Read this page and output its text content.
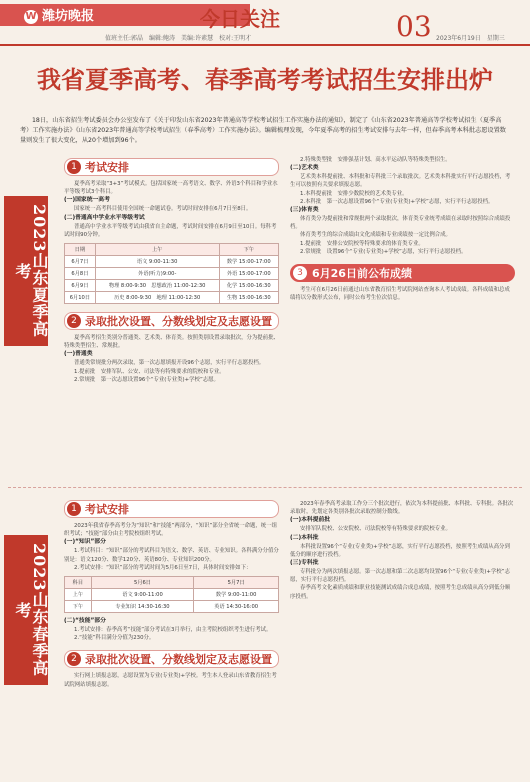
W 潍坊晚报	今日关注	03
值班主任:郭晶　编辑:鲍涛　美编:许素慧　校对:王明才	2023年6月19日　星期三
我省夏季高考、春季高考考试招生安排出炉

18日，山东省招生考试委员会办公室发布了《关于印发山东省2023年普通高等学校考试招生工作实施办法的通知》，制定了《山东省2023年普通高等学校考试招生（夏季高考）工作实施办法》《山东省2023年普通高等学校考试招生（春季高考）工作实施办法》。编辑梳理发现，今年夏季高考的招生考试安排与去年一样，但春季高考本科批志愿设置数量则发生了很大变化，从20个增加到96个。

2023山东夏季高考
2023山东春季高考
1 考试安排

夏季高考采取“3+3”考试模式。包括国家统一高考语文、数学、外语3个科目和学业水平等级考试3个科目。

(一)国家统一高考

国家统一高考科目使用全国统一命题试卷。考试时间安排在6月7日至8日。

(二)普通高中学业水平等级考试

普通高中学业水平等级考试由我省自主命题，考试时间安排在6月9日至10日。每科考试时间90分钟。

日期	上午	下午
6月7日	语文 9:00-11:30	数学 15:00-17:00
6月8日	外语(听力)9:00-	外语 15:00-17:00
6月9日	物理 8:00-9:30　思想政治 11:00-12:30	化学 15:00-16:30
6月10日	历史 8:00-9:30　地理 11:00-12:30	生物 15:00-16:30
2 录取批次设置、分数线划定及志愿设置

夏季高考招生类别分普通类、艺术类、体育类。按照类别设置录取批次，分为提前批、特殊类型招生、常规批。

(一)普通类

普通类常规批分两次录取，第一次志愿填报开设96个志愿，实行平行志愿投档。

1.提前批　安排军队、公安、司法等有特殊要求的院校和专业。

2.常规批　第一次志愿设置96个“专业(专业类)+学校”志愿。

2.特殊类型批　安排强基计划、高水平运动队等特殊类型招生。

(二)艺术类

艺术类本科提前批、本科批和专科批三个录取批次。艺术类本科批实行平行志愿投档，考生可以按照有关要求填报志愿。

1.本科提前批　安排少数院校的艺术类专业。

2.本科批　第一次志愿设置96个“专业(专业类)+学校”志愿，实行平行志愿投档。

(三)体育类

体育类分为提前批和常规批两个录取批次，体育类专业统考成绩在录取时按照综合成绩投档。

体育类考生的综合成绩由文化成绩和专业成绩按一定比例合成。

1.提前批　安排公安院校等特殊要求的体育类专业。

2.常规批　设置96个“专业(专业类)+学校”志愿，实行平行志愿投档。

3 6月26日前公布成绩

考生可在6月26日前通过山东省教育招生考试院网站查询本人考试成绩。各科成绩和总成绩将以分数形式公布，同时公布考生位次信息。

1 考试安排

2023年我省春季高考分为“知识”和“技能”两部分，“知识”部分全省统一命题，统一组织考试；“技能”部分由主考院校组织考试。

(一)“知识”部分

1.考试科目：“知识”部分的考试科目为语文、数学、英语、专业知识。各科满分分值分别是：语文120分、数学120分、英语80分、专业知识200分。

2.考试安排：“知识”部分的考试时间为5月6日至7日，具体时间安排如下：

科目	5月6日	5月7日
上午	语文 9:00-11:00	数学 9:00-11:00
下午	专业知识 14:30-16:30	英语 14:30-16:00

(二)“技能”部分

1.考试安排：春季高考“技能”部分考试在3月举行，由主考院校组织考生进行考试。

2.“技能”科目满分分值为230分。

2 录取批次设置、分数线划定及志愿设置

实行网上填报志愿，志愿设置为专业(专业类)+学校。考生本人登录山东省教育招生考试院网站填报志愿。

2023年春季高考录取工作分三个批次进行，依次为本科提前批、本科批、专科批。各批次录取时，先划定各类别各批次录取控制分数线。

(一)本科提前批

安排军队院校、公安院校、司法院校等有特殊要求的院校专业。

(二)本科批

本科批设置96个“专业(专业类)+学校”志愿，实行平行志愿投档，按照考生成绩从高分到低分的顺序进行投档。

(三)专科批

专科批分为两次填报志愿。第一次志愿和第二次志愿均设置96个“专业(专业类)+学校”志愿，实行平行志愿投档。

春季高考文化素质成绩和职业技能测试成绩合成总成绩，按照考生总成绩从高分到低分顺序投档。
